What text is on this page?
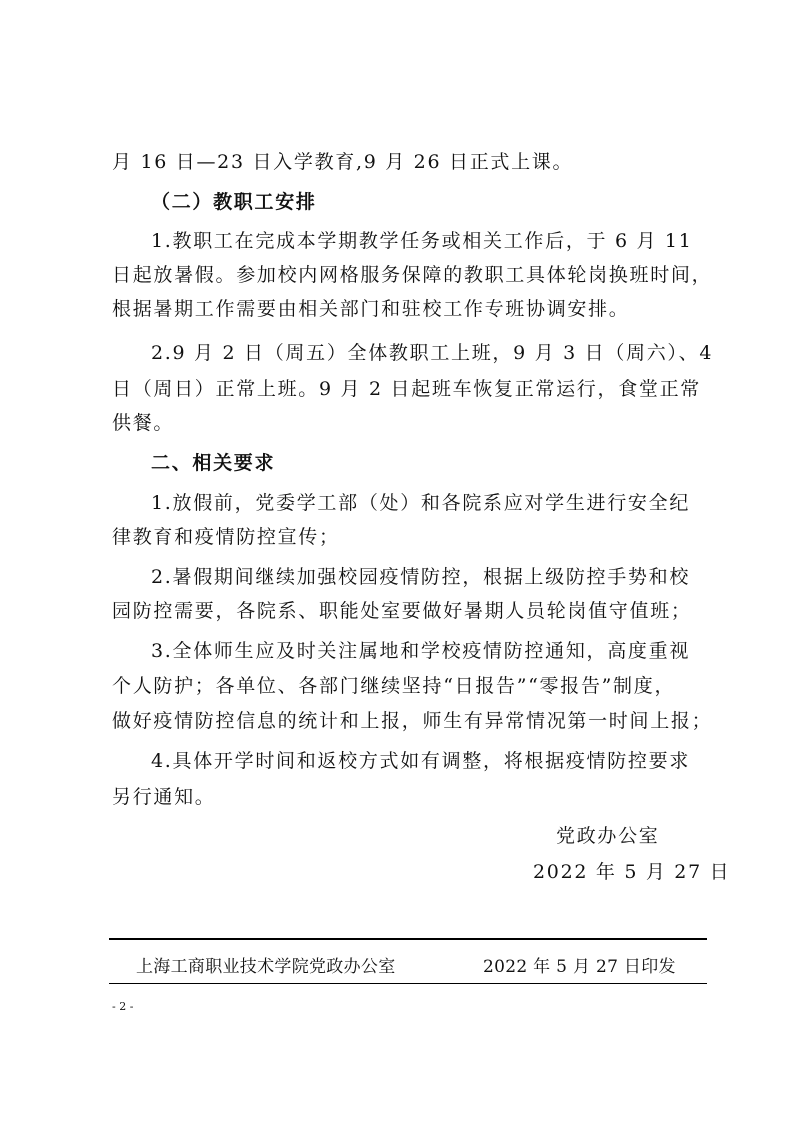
月 16 日—23 日入学教育,9 月 26 日正式上课。
（二）教职工安排
1.教职工在完成本学期教学任务或相关工作后，于 6 月 11
日起放暑假。参加校内网格服务保障的教职工具体轮岗换班时间，
根据暑期工作需要由相关部门和驻校工作专班协调安排。
2.9 月 2 日（周五）全体教职工上班，9 月 3 日（周六）、4
日（周日）正常上班。9 月 2 日起班车恢复正常运行，食堂正常
供餐。
二、相关要求
1.放假前，党委学工部（处）和各院系应对学生进行安全纪
律教育和疫情防控宣传；
2.暑假期间继续加强校园疫情防控，根据上级防控手势和校
园防控需要，各院系、职能处室要做好暑期人员轮岗值守值班；
3.全体师生应及时关注属地和学校疫情防控通知，高度重视
个人防护；各单位、各部门继续坚持“日报告”“零报告”制度，
做好疫情防控信息的统计和上报，师生有异常情况第一时间上报；
4.具体开学时间和返校方式如有调整，将根据疫情防控要求
另行通知。
党政办公室
2022 年 5 月 27 日
上海工商职业技术学院党政办公室	2022 年 5 月 27 日印发
- 2 -
